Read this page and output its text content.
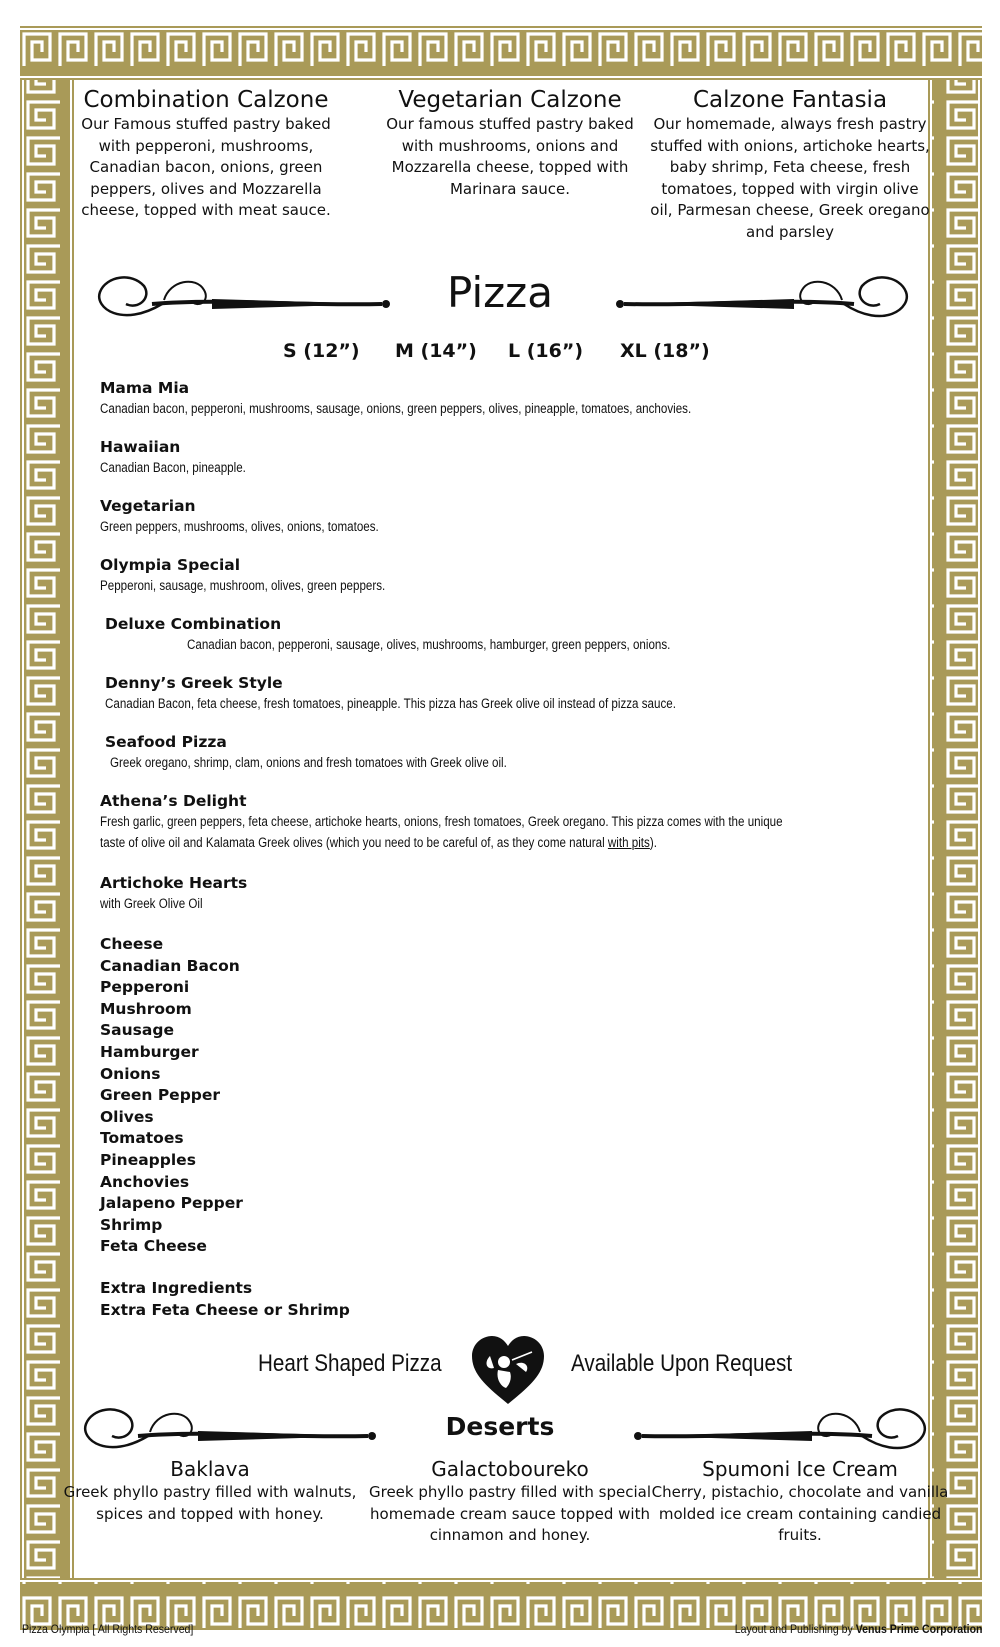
Combination Calzone

Our Famous stuffed pastry baked with pepperoni, mushrooms, Canadian bacon, onions, green peppers, olives and Mozzarella cheese, topped with meat sauce.

Vegetarian Calzone

Our famous stuffed pastry baked with mushrooms, onions and Mozzarella cheese, topped with Marinara sauce.

Calzone Fantasia

Our homemade, always fresh pastry stuffed with onions, artichoke hearts, baby shrimp, Feta cheese, fresh tomatoes, topped with virgin olive oil, Parmesan cheese, Greek oregano and parsley

Pizza
S (12”) M (14”) L (16”) XL (18”)
Mama Mia
Canadian bacon, pepperoni, mushrooms, sausage, onions, green peppers, olives, pineapple, tomatoes, anchovies.
Hawaiian
Canadian Bacon, pineapple.
Vegetarian
Green peppers, mushrooms, olives, onions, tomatoes.
Olympia Special
Pepperoni, sausage, mushroom, olives, green peppers.
Deluxe Combination
Canadian bacon, pepperoni, sausage, olives, mushrooms, hamburger, green peppers, onions.
Denny’s Greek Style
Canadian Bacon, feta cheese, fresh tomatoes, pineapple. This pizza has Greek olive oil instead of pizza sauce.
Seafood Pizza
Greek oregano, shrimp, clam, onions and fresh tomatoes with Greek olive oil.
Athena’s Delight
Fresh garlic, green peppers, feta cheese, artichoke hearts, onions, fresh tomatoes, Greek oregano. This pizza comes with the unique
taste of olive oil and Kalamata Greek olives (which you need to be careful of, as they come natural with pits).
Artichoke Hearts
with Greek Olive Oil
Cheese
Canadian Bacon
Pepperoni
Mushroom
Sausage
Hamburger
Onions
Green Pepper
Olives
Tomatoes
Pineapples
Anchovies
Jalapeno Pepper
Shrimp
Feta Cheese
Extra Ingredients
Extra Feta Cheese or Shrimp
Heart Shaped Pizza	Available Upon Request
Deserts
Baklava

Greek phyllo pastry filled with walnuts, spices and topped with honey.

Galactoboureko

Greek phyllo pastry filled with special homemade cream sauce topped with cinnamon and honey.

Spumoni Ice Cream

Cherry, pistachio, chocolate and vanilla molded ice cream containing candied fruits.

Pizza Olympia [ All Rights Reserved]	Layout and Publishing by Venus Prime Corporation
